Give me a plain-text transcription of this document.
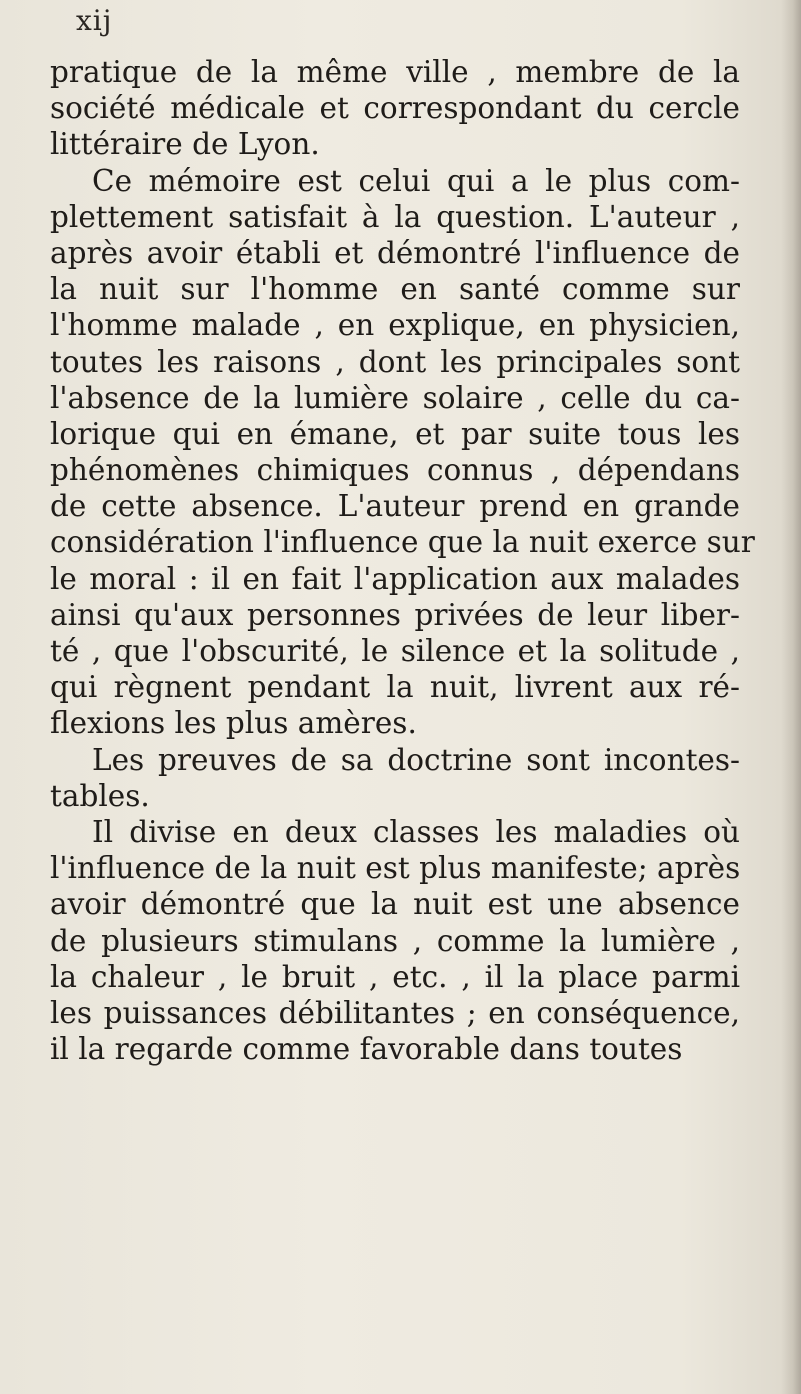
xij
pratique de la même ville , membre de la
société médicale et correspondant du cercle
littéraire de Lyon.
Ce mémoire est celui qui a le plus com-
plettement satisfait à la question. L'auteur ,
après avoir établi et démontré l'influence de
la nuit sur l'homme en santé comme sur
l'homme malade , en explique, en physicien,
toutes les raisons , dont les principales sont
l'absence de la lumière solaire , celle du ca-
lorique qui en émane, et par suite tous les
phénomènes chimiques connus , dépendans
de cette absence. L'auteur prend en grande
considération l'influence que la nuit exerce sur
le moral : il en fait l'application aux malades
ainsi qu'aux personnes privées de leur liber-
té , que l'obscurité, le silence et la solitude ,
qui règnent pendant la nuit, livrent aux ré-
flexions les plus amères.
Les preuves de sa doctrine sont incontes-
tables.
Il divise en deux classes les maladies où
l'influence de la nuit est plus manifeste; après
avoir démontré que la nuit est une absence
de plusieurs stimulans , comme la lumière ,
la chaleur , le bruit , etc. , il la place parmi
les puissances débilitantes ; en conséquence,
il la regarde comme favorable dans toutes
